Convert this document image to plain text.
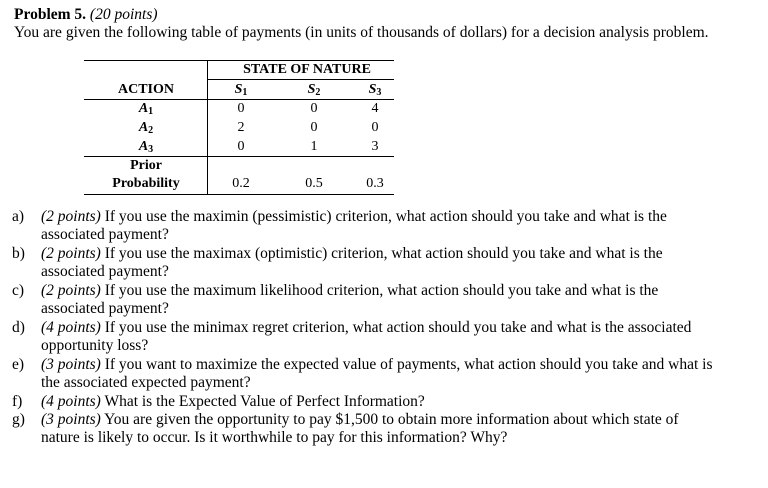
Problem 5. (20 points)
You are given the following table of payments (in units of thousands of dollars) for a decision analysis problem.
STATE OF NATURE
ACTION	$S_1$	$S_2$	$S_3$
$A_1$	0	0	4
$A_2$	2	0	0
$A_3$	0	1	3
Prior
Probability	0.2	0.5	0.3
a) (2 points) If you use the maximin (pessimistic) criterion, what action should you take and what is the
associated payment?
b) (2 points) If you use the maximax (optimistic) criterion, what action should you take and what is the
associated payment?
c) (2 points) If you use the maximum likelihood criterion, what action should you take and what is the
associated payment?
d) (4 points) If you use the minimax regret criterion, what action should you take and what is the associated
opportunity loss?
e) (3 points) If you want to maximize the expected value of payments, what action should you take and what is
the associated expected payment?
f) (4 points) What is the Expected Value of Perfect Information?
g) (3 points) You are given the opportunity to pay $1,500 to obtain more information about which state of
nature is likely to occur. Is it worthwhile to pay for this information? Why?
